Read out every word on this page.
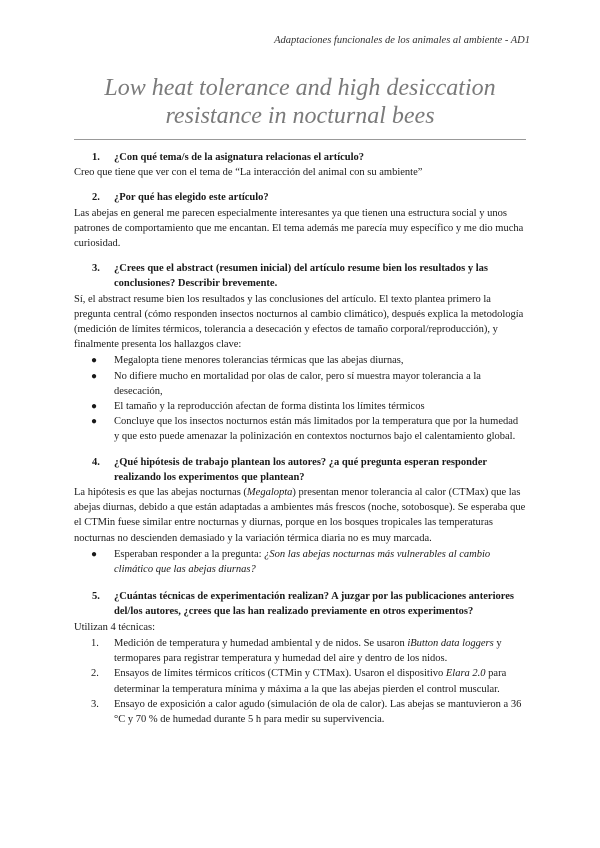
Adaptaciones funcionales de los animales al ambiente - AD1
Low heat tolerance and high desiccation resistance in nocturnal bees
1.	¿Con qué tema/s de la asignatura relacionas el artículo?

Creo que tiene que ver con el tema de “La interacción del animal con su ambiente”

2.	¿Por qué has elegido este artículo?

Las abejas en general me parecen especialmente interesantes ya que tienen una estructura social y unos patrones de comportamiento que me encantan. El tema además me parecía muy específico y me dio mucha curiosidad.

3.	¿Crees que el abstract (resumen inicial) del artículo resume bien los resultados y las conclusiones? Describir brevemente.

Sí, el abstract resume bien los resultados y las conclusiones del artículo. El texto plantea primero la pregunta central (cómo responden insectos nocturnos al cambio climático), después explica la metodología (medición de límites térmicos, tolerancia a desecación y efectos de tamaño corporal/reproducción), y finalmente presenta los hallazgos clave:

●	Megalopta tiene menores tolerancias térmicas que las abejas diurnas,
●	No difiere mucho en mortalidad por olas de calor, pero sí muestra mayor tolerancia a la desecación,
●	El tamaño y la reproducción afectan de forma distinta los límites térmicos
●	Concluye que los insectos nocturnos están más limitados por la temperatura que por la humedad y que esto puede amenazar la polinización en contextos nocturnos bajo el calentamiento global.
4.	¿Qué hipótesis de trabajo plantean los autores? ¿a qué pregunta esperan responder realizando los experimentos que plantean?

La hipótesis es que las abejas nocturnas (Megalopta) presentan menor tolerancia al calor (CTMax) que las abejas diurnas, debido a que están adaptadas a ambientes más frescos (noche, sotobosque). Se esperaba que el CTMin fuese similar entre nocturnas y diurnas, porque en los bosques tropicales las temperaturas nocturnas no descienden demasiado y la variación térmica diaria no es muy marcada.

●	Esperaban responder a la pregunta: ¿Son las abejas nocturnas más vulnerables al cambio climático que las abejas diurnas?
5.	¿Cuántas técnicas de experimentación realizan? A juzgar por las publicaciones anteriores del/los autores, ¿crees que las han realizado previamente en otros experimentos?

Utilizan 4 técnicas:

1.	Medición de temperatura y humedad ambiental y de nidos. Se usaron iButton data loggers y termopares para registrar temperatura y humedad del aire y dentro de los nidos.
2.	Ensayos de límites térmicos críticos (CTMin y CTMax). Usaron el dispositivo Elara 2.0 para determinar la temperatura mínima y máxima a la que las abejas pierden el control muscular.
3.	Ensayo de exposición a calor agudo (simulación de ola de calor). Las abejas se mantuvieron a 36 °C y 70 % de humedad durante 5 h para medir su supervivencia.
